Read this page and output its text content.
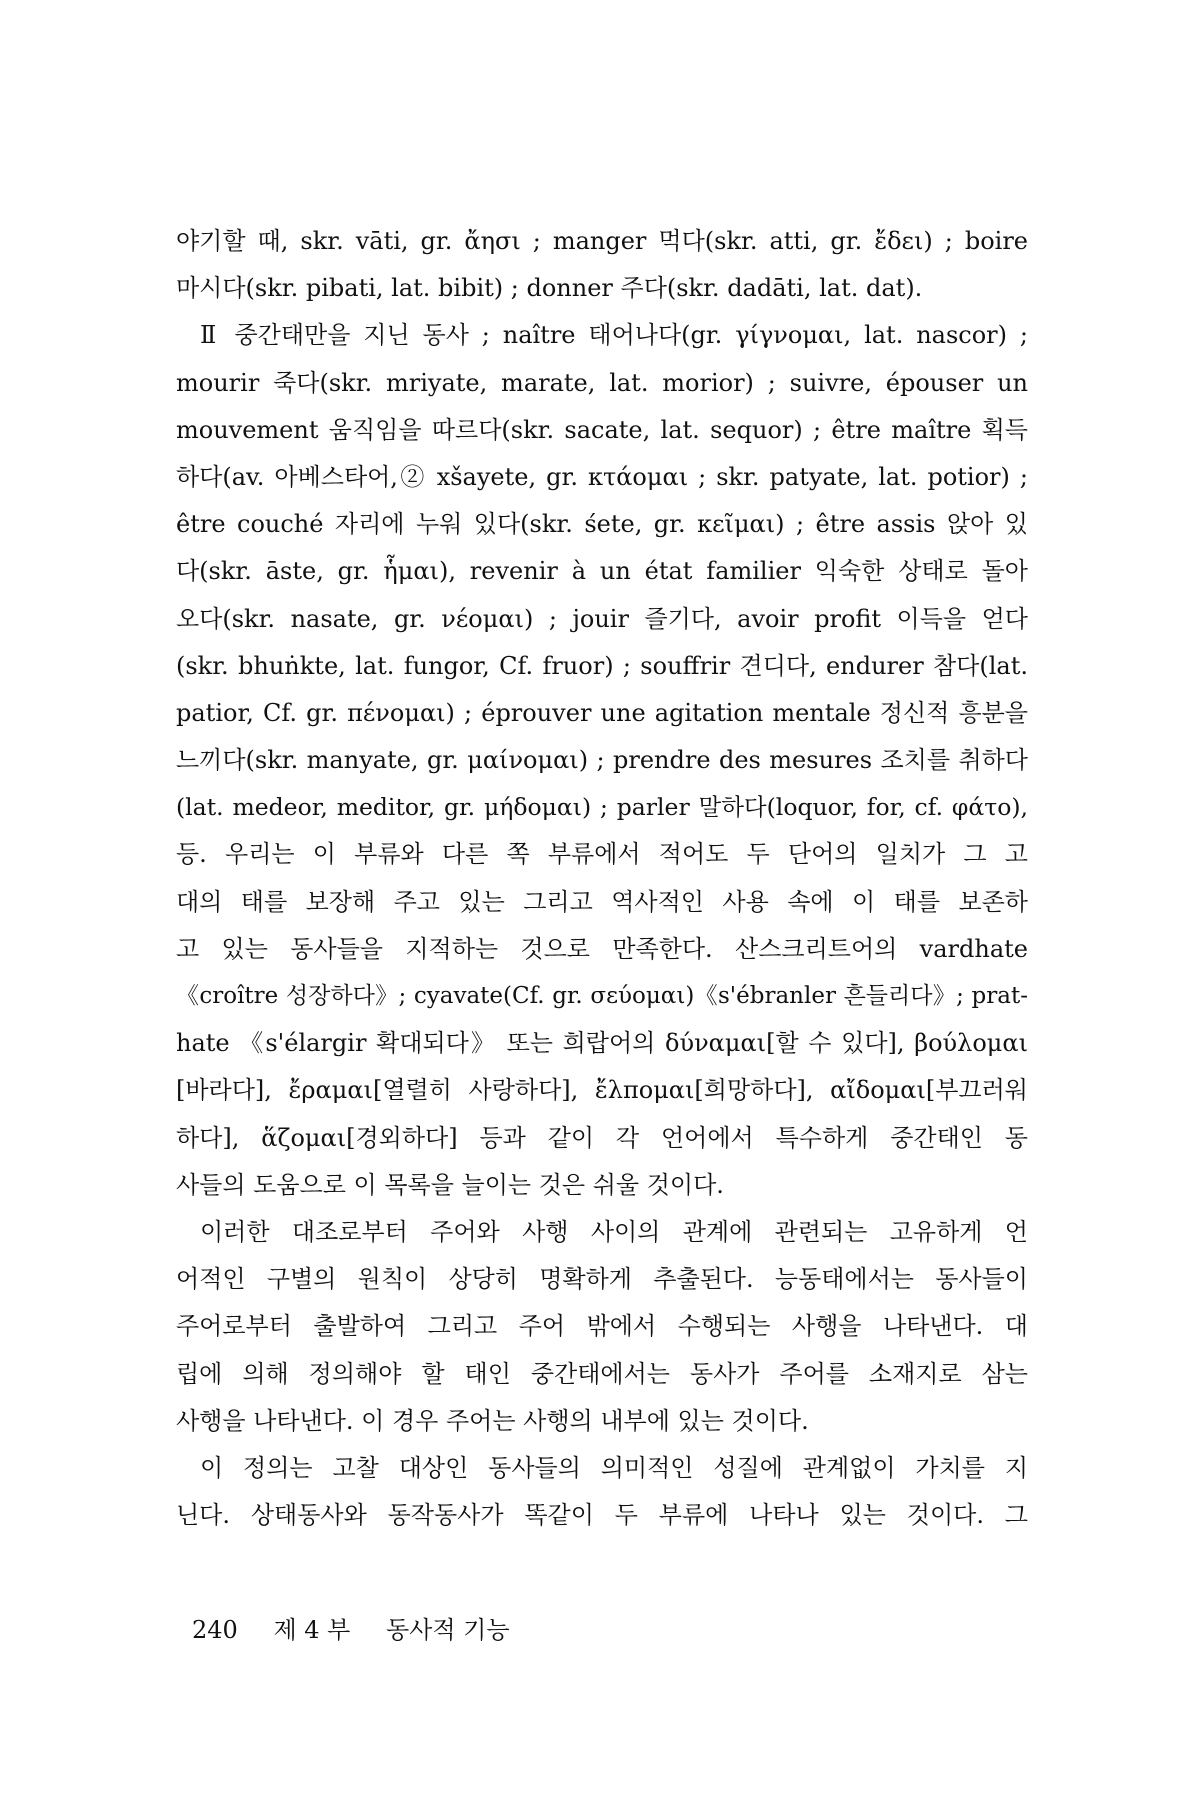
야기할 때, skr. vāti, gr. ἄησι ; manger 먹다(skr. atti, gr. ἔδει) ; boire
마시다(skr. pibati, lat. bibit) ; donner 주다(skr. dadāti, lat. dat).
Ⅱ 중간태만을 지닌 동사 ; naître 태어나다(gr. γίγνομαι, lat. nascor) ;
mourir 죽다(skr. mriyate, marate, lat. morior) ; suivre, épouser un
mouvement 움직임을 따르다(skr. sacate, lat. sequor) ; être maître 획득
하다(av. 아베스타어,② xšayete, gr. κτάομαι ; skr. patyate, lat. potior) ;
être couché 자리에 누워 있다(skr. śete, gr. κεῖμαι) ; être assis 앉아 있
다(skr. āste, gr. ἧμαι), revenir à un état familier 익숙한 상태로 돌아
오다(skr. nasate, gr. νέομαι) ; jouir 즐기다, avoir profit 이득을 얻다
(skr. bhuṅkte, lat. fungor, Cf. fruor) ; souffrir 견디다, endurer 참다(lat.
patior, Cf. gr. πένομαι) ; éprouver une agitation mentale 정신적 흥분을
느끼다(skr. manyate, gr. μαίνομαι) ; prendre des mesures 조치를 취하다
(lat. medeor, meditor, gr. μήδομαι) ; parler 말하다(loquor, for, cf. φάτο),
등. 우리는 이 부류와 다른 쪽 부류에서 적어도 두 단어의 일치가 그 고
대의 태를 보장해 주고 있는 그리고 역사적인 사용 속에 이 태를 보존하
고 있는 동사들을 지적하는 것으로 만족한다. 산스크리트어의 vardhate
《croître 성장하다》; cyavate(Cf. gr. σεύομαι)《s'ébranler 흔들리다》; prat-
hate 《s'élargir 확대되다》 또는 희랍어의 δύναμαι[할 수 있다], βούλομαι
[바라다], ἔραμαι[열렬히 사랑하다], ἔλπομαι[희망하다], αἴδομαι[부끄러워
하다], ἅζομαι[경외하다] 등과 같이 각 언어에서 특수하게 중간태인 동
사들의 도움으로 이 목록을 늘이는 것은 쉬울 것이다.
이러한 대조로부터 주어와 사행 사이의 관계에 관련되는 고유하게 언
어적인 구별의 원칙이 상당히 명확하게 추출된다. 능동태에서는 동사들이
주어로부터 출발하여 그리고 주어 밖에서 수행되는 사행을 나타낸다. 대
립에 의해 정의해야 할 태인 중간태에서는 동사가 주어를 소재지로 삼는
사행을 나타낸다. 이 경우 주어는 사행의 내부에 있는 것이다.
이 정의는 고찰 대상인 동사들의 의미적인 성질에 관계없이 가치를 지
닌다. 상태동사와 동작동사가 똑같이 두 부류에 나타나 있는 것이다. 그
240 제 4 부 동사적 기능
